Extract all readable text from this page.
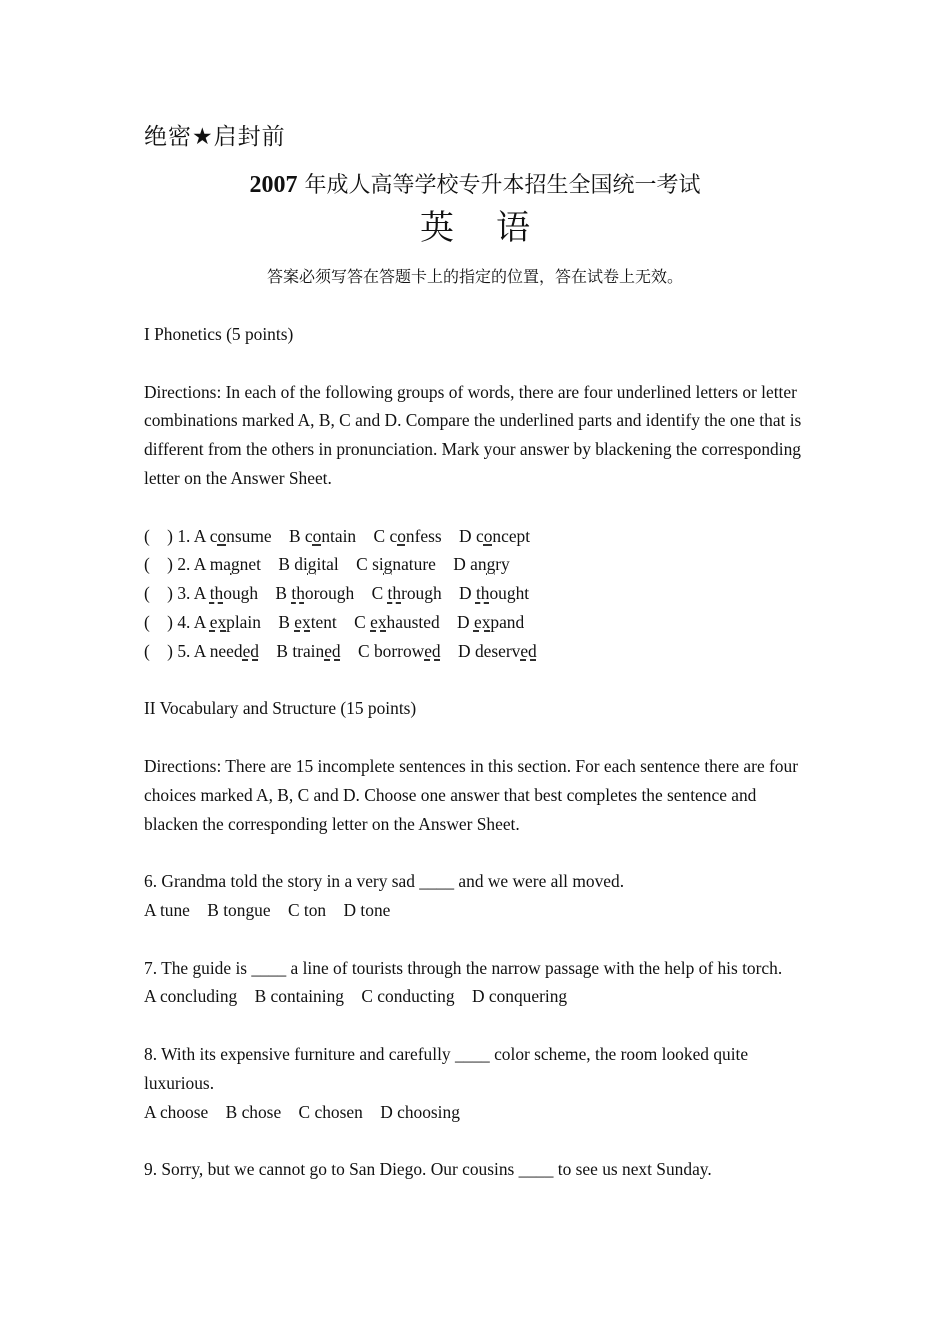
绝密★启封前
2007 年成人高等学校专升本招生全国统一考试
英语
答案必须写答在答题卡上的指定的位置，答在试卷上无效。

I Phonetics (5 points)

Directions: In each of the following groups of words, there are four underlined letters or letter combinations marked A, B, C and D. Compare the underlined parts and identify the one that is different from the others in pronunciation. Mark your answer by blackening the corresponding letter on the Answer Sheet.

(    ) 1. A consume B contain C confess D concept

(    ) 2. A magnet B digital C signature D angry

(    ) 3. A though B thorough C through D thought

(    ) 4. A explain B extent C exhausted D expand

(    ) 5. A needed B trained C borrowed D deserved

II Vocabulary and Structure (15 points)

Directions: There are 15 incomplete sentences in this section. For each sentence there are four choices marked A, B, C and D. Choose one answer that best completes the sentence and blacken the corresponding letter on the Answer Sheet.

6. Grandma told the story in a very sad ____ and we were all moved.

A tune    B tongue    C ton    D tone

7. The guide is ____ a line of tourists through the narrow passage with the help of his torch.

A concluding    B containing    C conducting    D conquering

8. With its expensive furniture and carefully ____ color scheme, the room looked quite luxurious.

A choose    B chose    C chosen    D choosing

9. Sorry, but we cannot go to San Diego. Our cousins ____ to see us next Sunday.
